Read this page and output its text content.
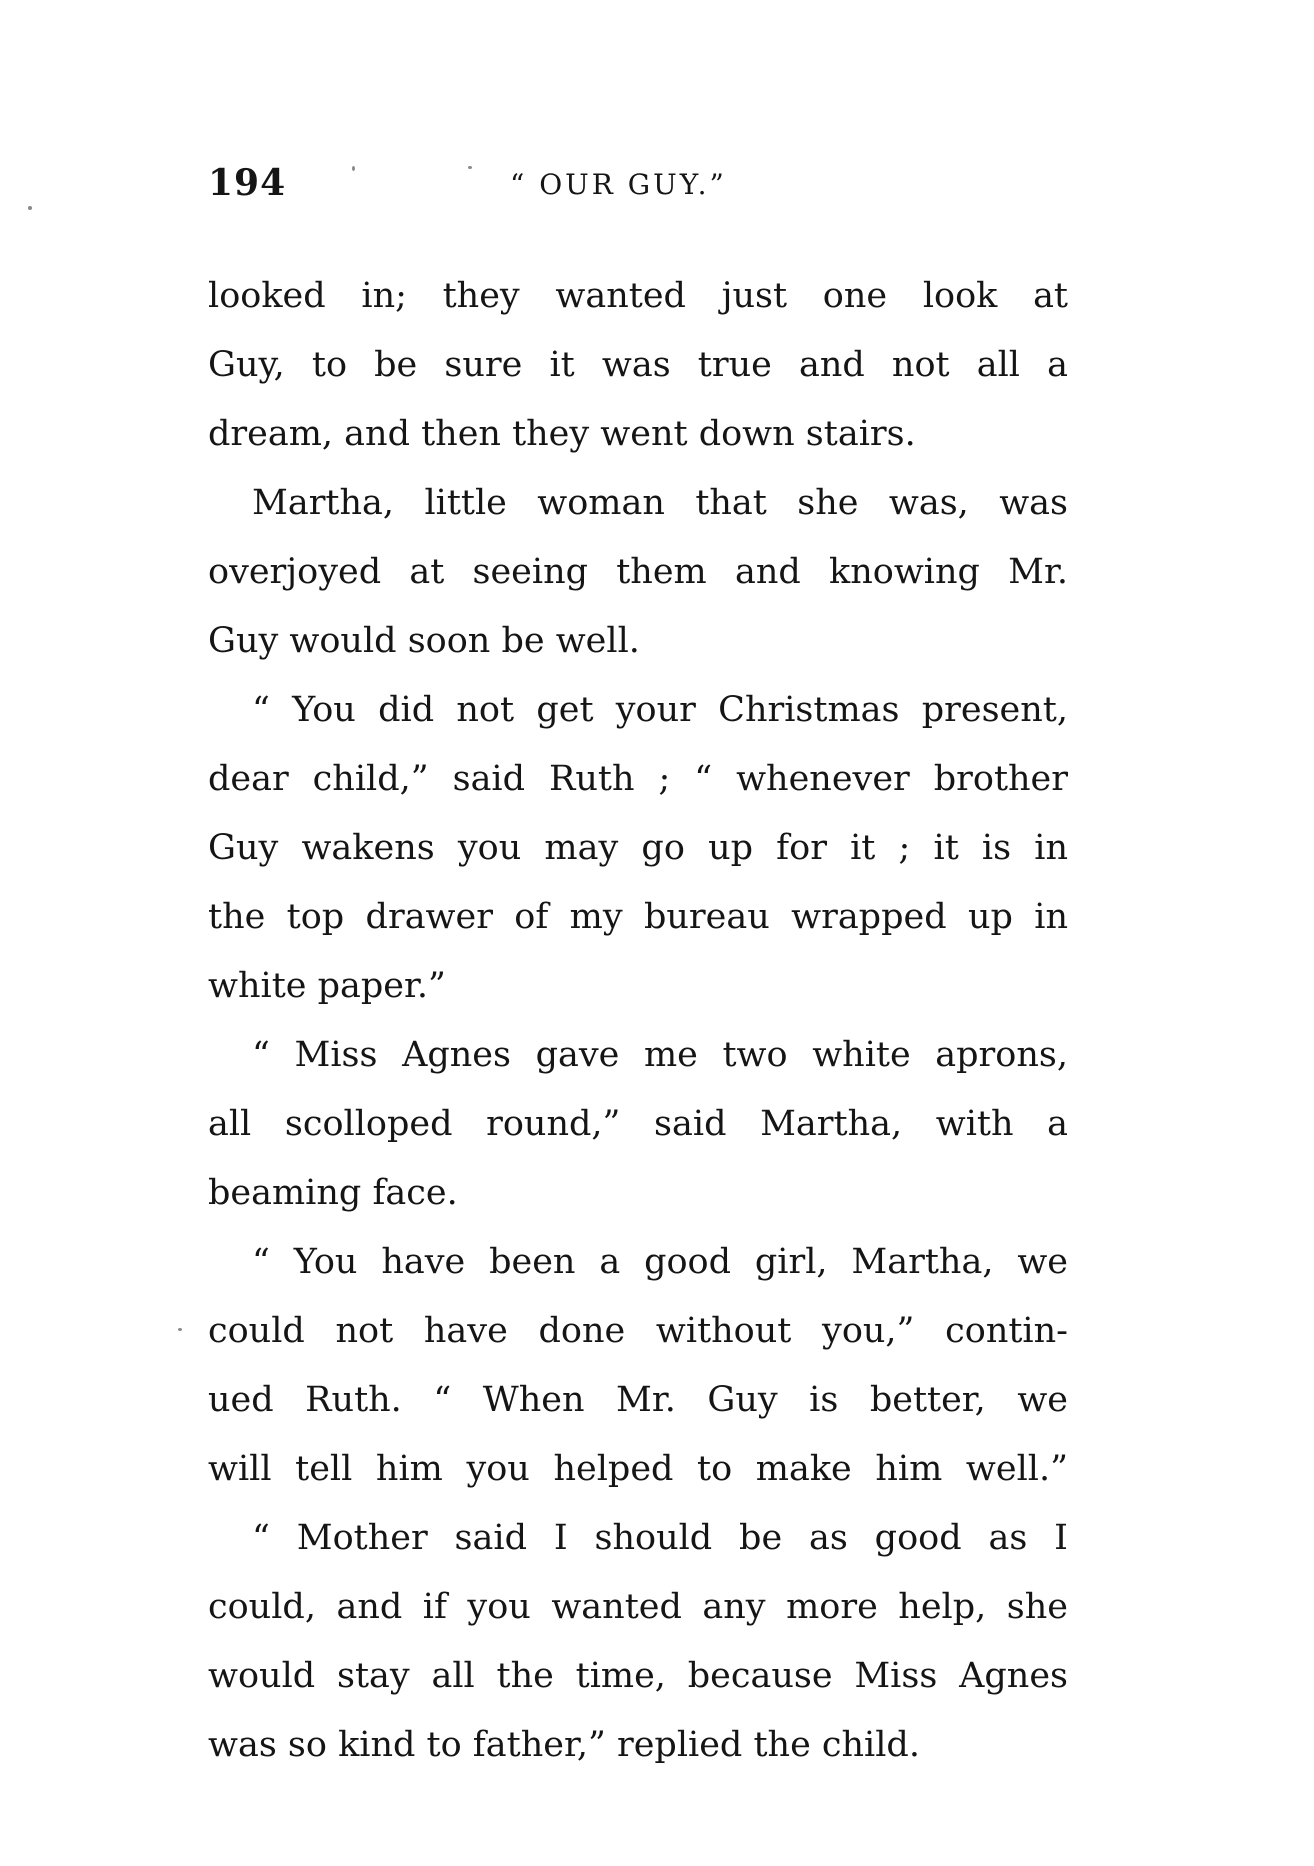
194	“ OUR GUY.”
looked in; they wanted just one look at
Guy, to be sure it was true and not all a
dream, and then they went down stairs.
Martha, little woman that she was, was
overjoyed at seeing them and knowing Mr.
Guy would soon be well.
“ You did not get your Christmas present,
dear child,” said Ruth ; “ whenever brother
Guy wakens you may go up for it ; it is in
the top drawer of my bureau wrapped up in
white paper.”
“ Miss Agnes gave me two white aprons,
all scolloped round,” said Martha, with a
beaming face.
“ You have been a good girl, Martha, we
could not have done without you,” contin-
ued Ruth. “ When Mr. Guy is better, we
will tell him you helped to make him well.”
“ Mother said I should be as good as I
could, and if you wanted any more help, she
would stay all the time, because Miss Agnes
was so kind to father,” replied the child.
